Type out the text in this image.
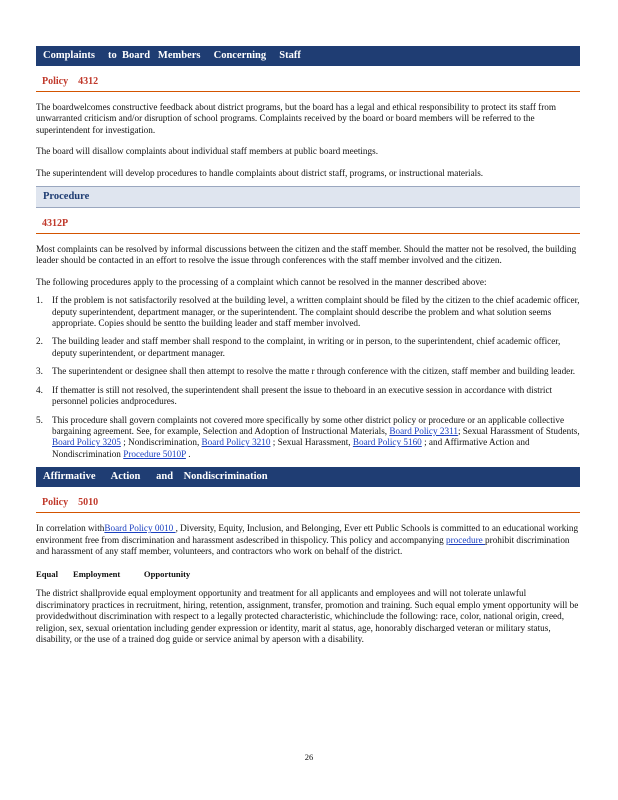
Complaints     to  Board   Members     Concerning     Staff
Policy    4312

The boardwelcomes constructive feedback about district programs, but the board has a legal and ethical responsibility to protect its staff from unwarranted criticism and/or disruption of school programs. Complaints received by the board or board members will be referred to the superintendent for investigation.

The board will disallow complaints about individual staff members at public board meetings.

The superintendent will develop procedures to handle complaints about district staff, programs, or instructional materials.

Procedure
4312P

Most complaints can be resolved by informal discussions between the citizen and the staff member. Should the matter not be resolved, the building leader should be contacted in an effort to resolve the issue through conferences with the staff member involved and the citizen.

The following procedures apply to the processing of a complaint which cannot be resolved in the manner described above:

1. If the problem is not satisfactorily resolved at the building level, a written complaint should be filed by the citizen to the chief academic officer, deputy superintendent, department manager, or the superintendent. The complaint should describe the problem and what solution seems appropriate. Copies should be sentto the building leader and staff member involved.
2. The building leader and staff member shall respond to the complaint, in writing or in person, to the superintendent, chief academic officer, deputy superintendent, or department manager.
3. The superintendent or designee shall then attempt to resolve the matte r through conference with the citizen, staff member and building leader.
4. If thematter is still not resolved, the superintendent shall present the issue to theboard in an executive session in accordance with district personnel policies andprocedures.
5. This procedure shall govern complaints not covered more specifically by some other district policy or procedure or an applicable collective bargaining agreement. See, for example, Selection and Adoption of Instructional Materials, Board Policy 2311; Sexual Harassment of Students, Board Policy 3205 ; Nondiscrimination, Board Policy 3210 ; Sexual Harassment, Board Policy 5160 ; and Affirmative Action and Nondiscrimination Procedure 5010P .
Affirmative      Action      and    Nondiscrimination
Policy    5010

In correlation withBoard Policy 0010 , Diversity, Equity, Inclusion, and Belonging, Ever ett Public Schools is committed to an educational working environment free from discrimination and harassment asdescribed in thispolicy. This policy and accompanying procedure prohibit discrimination and harassment of any staff member, volunteers, and contractors who work on behalf of the district.

Equal       Employment           Opportunity

The district shallprovide equal employment opportunity and treatment for all applicants and employees and will not tolerate unlawful discriminatory practices in recruitment, hiring, retention, assignment, transfer, promotion and training. Such equal emplo yment opportunity will be providedwithout discrimination with respect to a legally protected characteristic, whichinclude the following: race, color, national origin, creed, religion, sex, sexual orientation including gender expression or identity, marit al status, age, honorably discharged veteran or military status, disability, or the use of a trained dog guide or service animal by aperson with a disability.

26
